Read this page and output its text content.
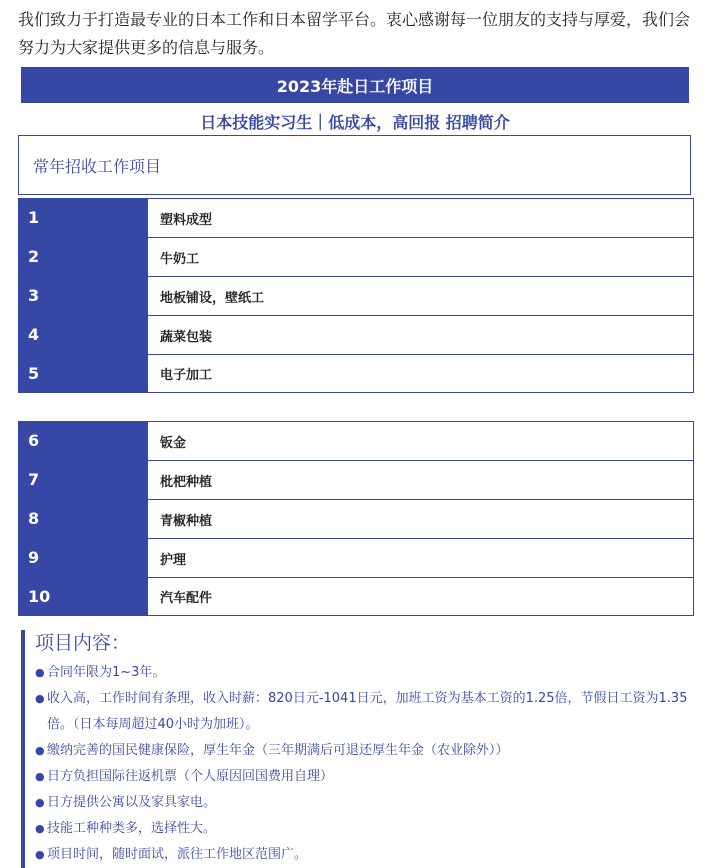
我们致力于打造最专业的日本工作和日本留学平台。衷心感谢每一位朋友的支持与厚爱，我们会努力为大家提供更多的信息与服务。

2023年赴日工作项目
日本技能实习生｜低成本，高回报 招聘简介
常年招收工作项目
1	塑料成型
2	牛奶工
3	地板铺设，壁纸工
4	蔬菜包装
5	电子加工
6	钣金
7	枇杷种植
8	青椒种植
9	护理
10	汽车配件
项目内容：
● 合同年限为1~3年。
● 收入高，工作时间有条理，收入时薪：820日元-1041日元，加班工资为基本工资的1.25倍，节假日工资为1.35倍。（日本每周超过40小时为加班）。
● 缴纳完善的国民健康保险，厚生年金（三年期满后可退还厚生年金（农业除外））
● 日方负担国际往返机票（个人原因回国费用自理）
● 日方提供公寓以及家具家电。
● 技能工种种类多，选择性大。
● 项目时间，随时面试，派往工作地区范围广。
